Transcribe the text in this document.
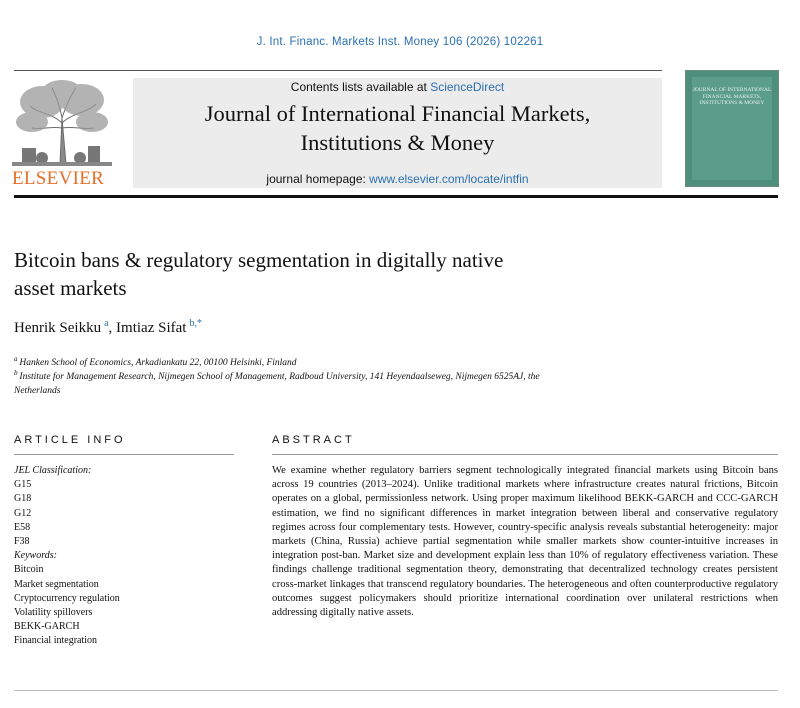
J. Int. Financ. Markets Inst. Money 106 (2026) 102261
ELSEVIER
Contents lists available at ScienceDirect
Journal of International Financial Markets,
Institutions & Money
journal homepage: www.elsevier.com/locate/intfin
JOURNAL OF INTERNATIONAL FINANCIAL MARKETS, INSTITUTIONS & MONEY
Bitcoin bans & regulatory segmentation in digitally native
asset markets
Henrik Seikku  $^a$, Imtiaz Sifat  $^{b,*}$
$^a$  Hanken School of Economics, Arkadiankatu 22, 00100 Helsinki, Finland
$^b$  Institute for Management Research, Nijmegen School of Management, Radboud University, 141 Heyendaalseweg, Nijmegen 6525AJ, the
Netherlands
ARTICLE INFO	ABSTRACT
JEL Classification:
G15
G18
G12
E58
F38
Keywords:
Bitcoin
Market segmentation
Cryptocurrency regulation
Volatility spillovers
BEKK-GARCH
Financial integration
We examine whether regulatory barriers segment technologically integrated financial markets using Bitcoin bans across 19 countries (2013–2024). Unlike traditional markets where infrastructure creates natural frictions, Bitcoin operates on a global, permissionless network. Using proper maximum likelihood BEKK-GARCH and CCC-GARCH estimation, we find no significant differences in market integration between liberal and conservative regulatory regimes across four complementary tests. However, country-specific analysis reveals substantial heterogeneity: major markets (China, Russia) achieve partial segmentation while smaller markets show counter-intuitive increases in integration post-ban. Market size and development explain less than 10% of regulatory effectiveness variation. These findings challenge traditional segmentation theory, demonstrating that decentralized technology creates persistent cross-market linkages that transcend regulatory boundaries. The heterogeneous and often counterproductive regulatory outcomes suggest policymakers should prioritize international coordination over unilateral restrictions when addressing digitally native assets.
